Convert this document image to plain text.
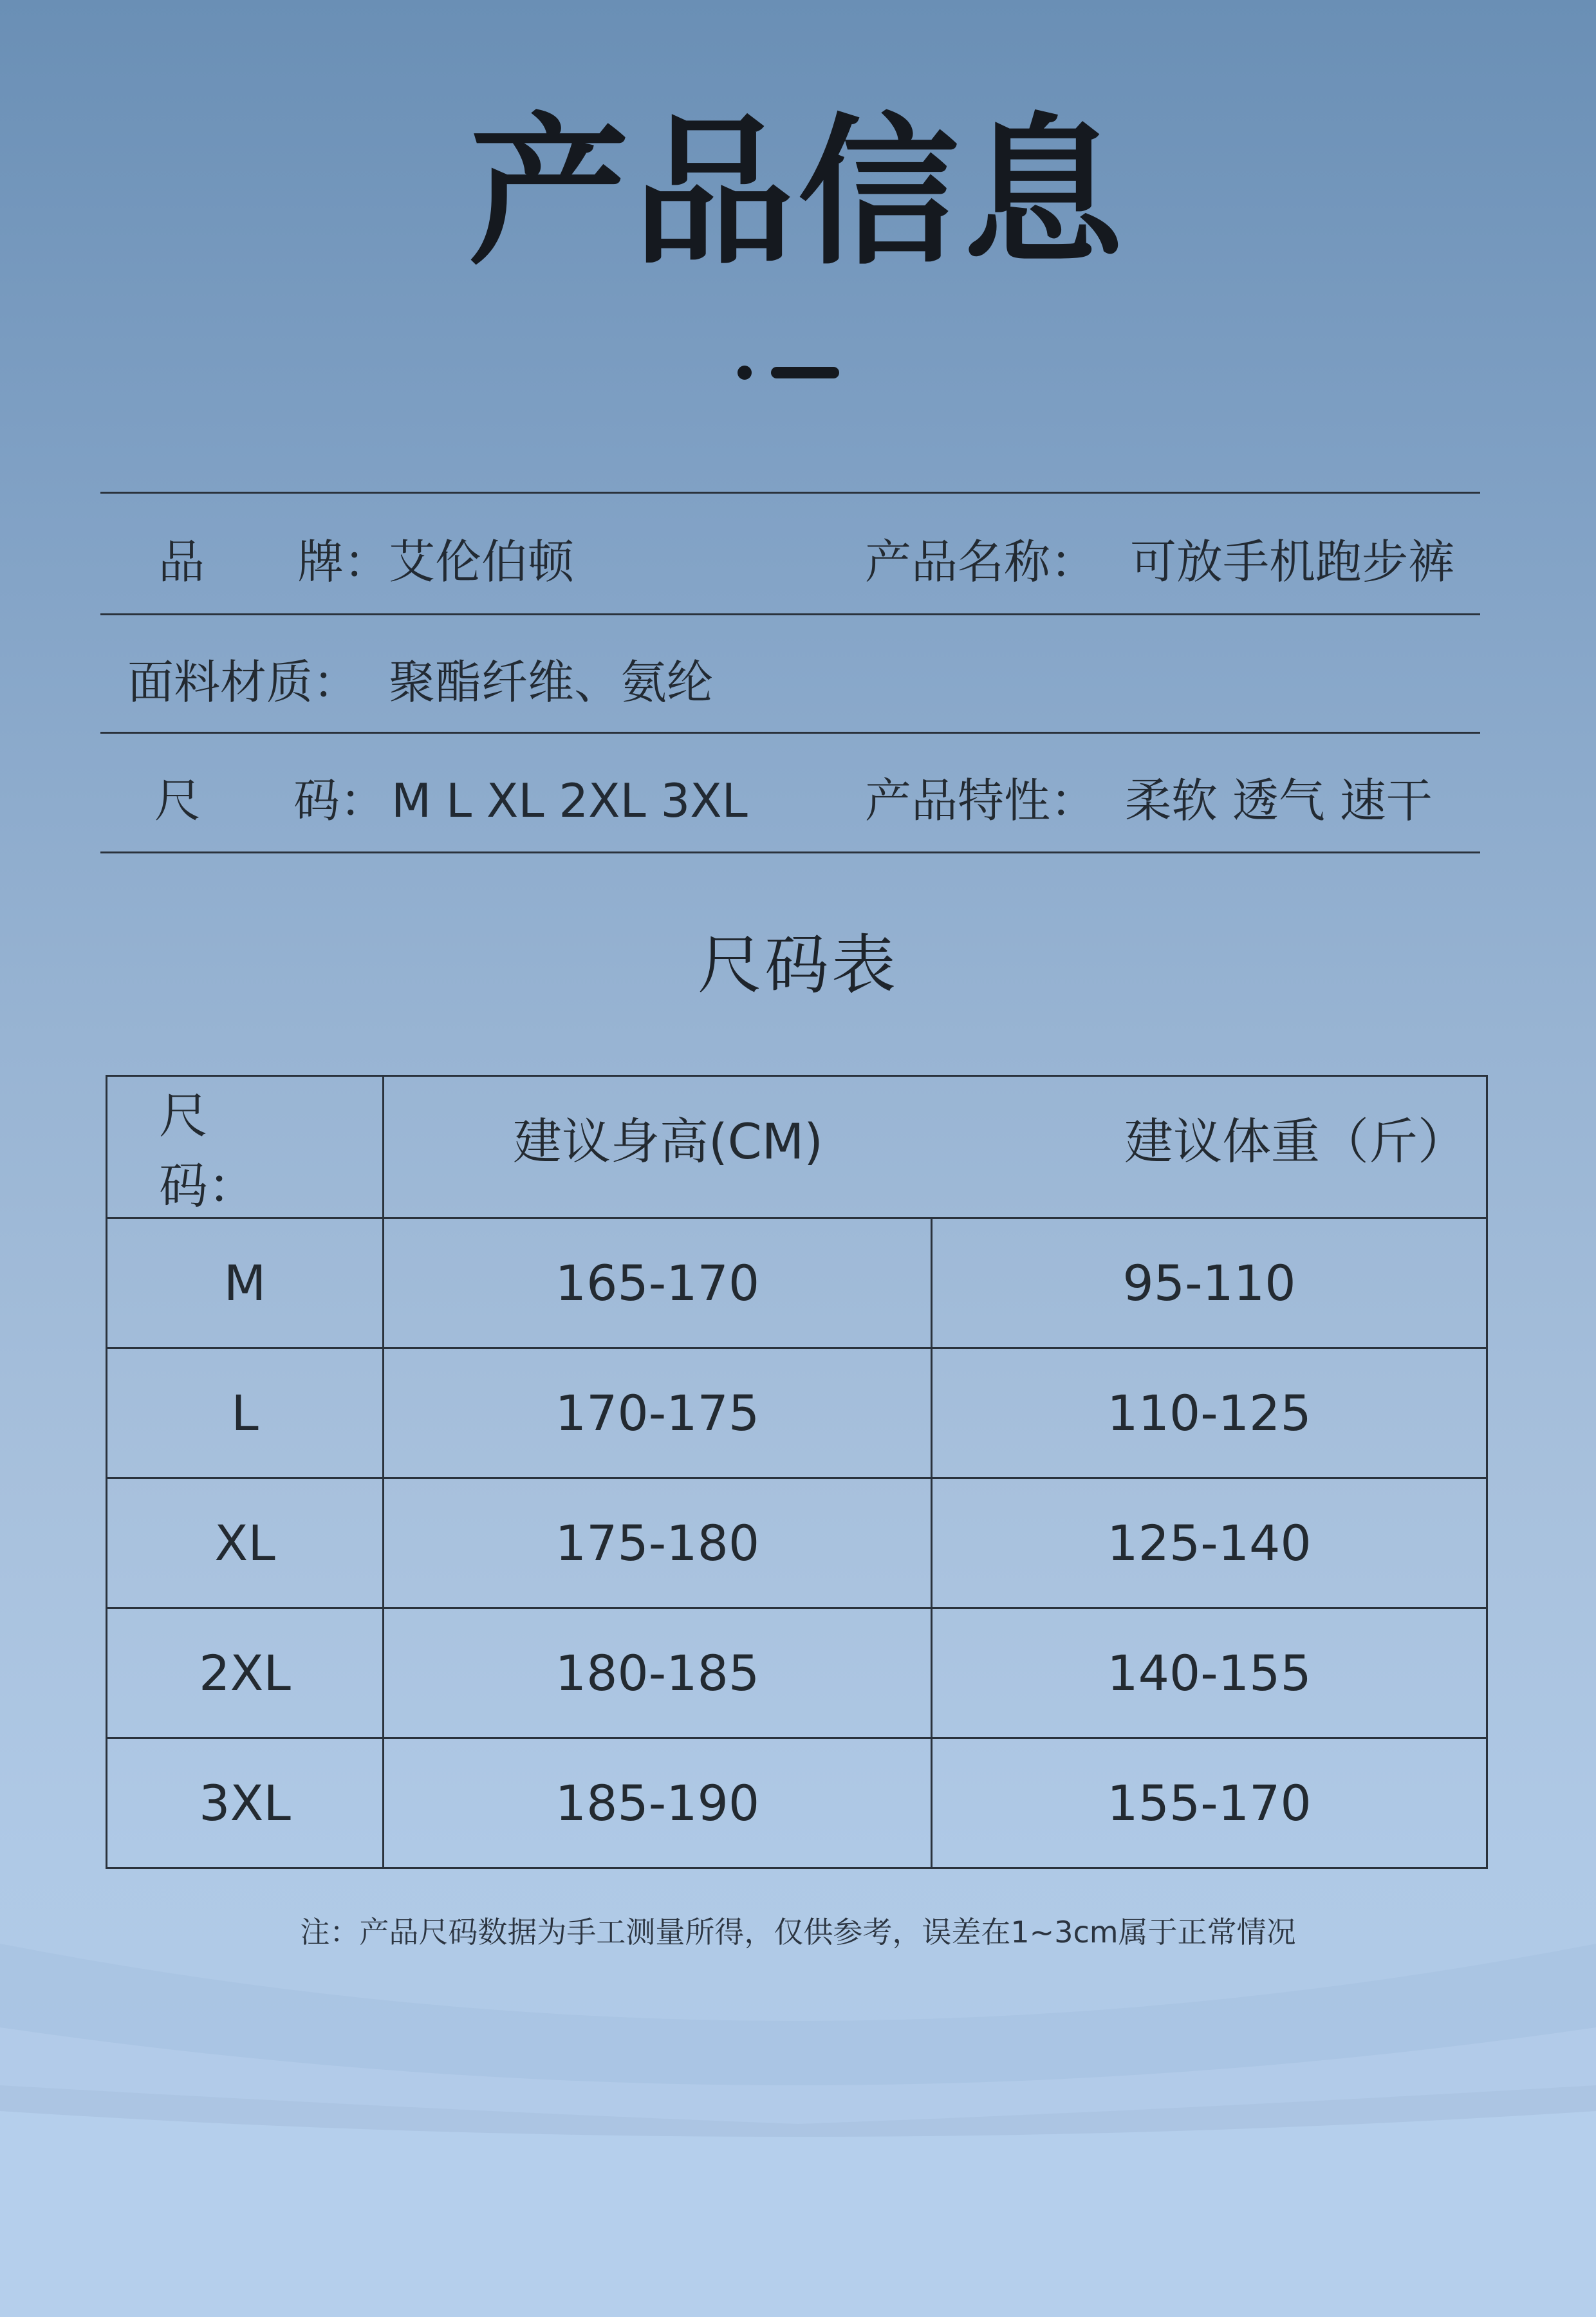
产品信息
品　　牌：
艾伦伯顿	产品名称： 可放手机跑步裤
面料材质： 聚酯纤维、氨纶
尺　　码： M L XL 2XL 3XL	产品特性： 柔软 透气 速干
尺码表
尺　　码：	建议身高(CM) 建议体重（斤）	

M	165-170	95-110
L	170-175	110-125
XL	175-180	125-140
2XL	180-185	140-155
3XL	185-190	155-170
注：产品尺码数据为手工测量所得，仅供参考，误差在1~3cm属于正常情况
